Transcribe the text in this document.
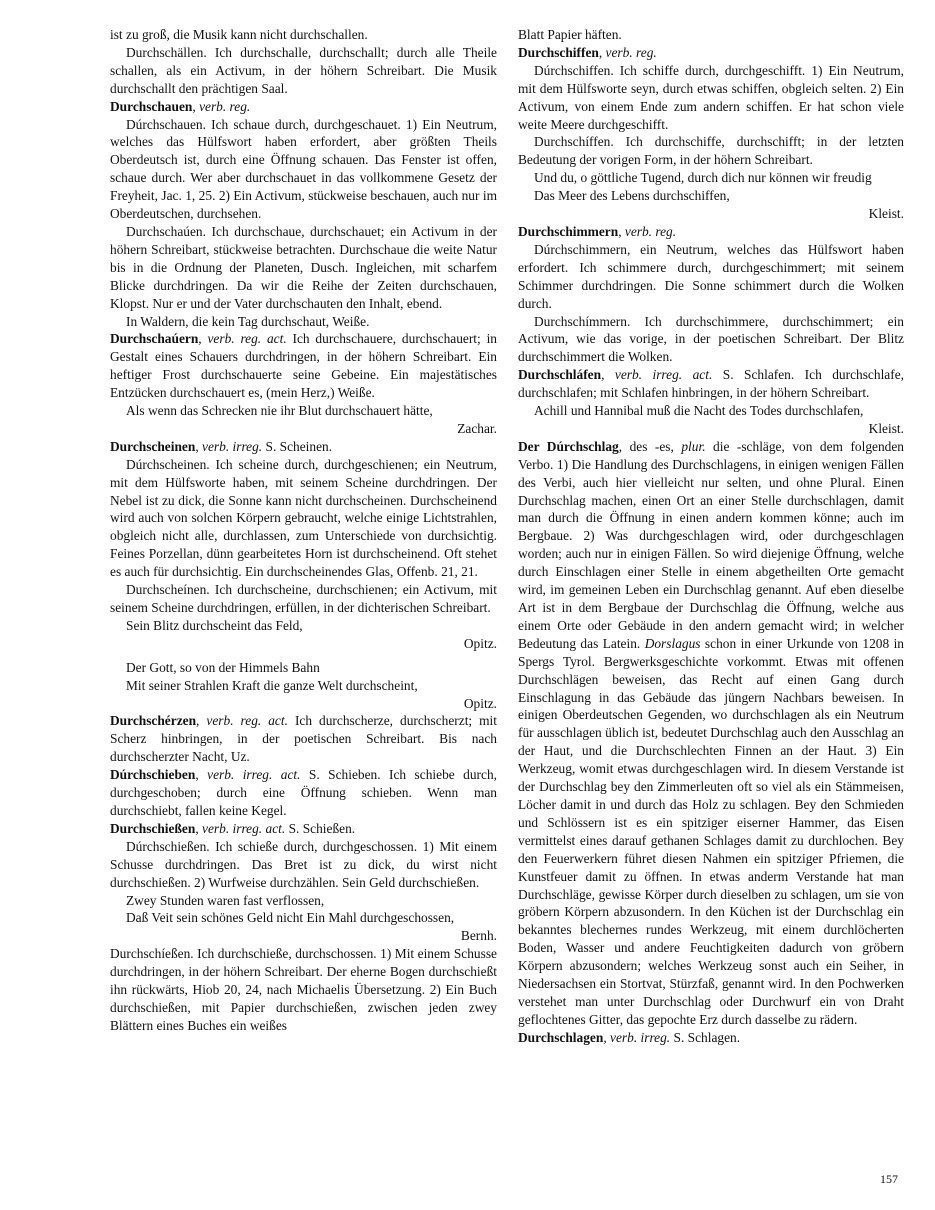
ist zu groß, die Musik kann nicht durchschallen.

Durchschällen. Ich durchschalle, durchschallt; durch alle Theile schallen, als ein Activum, in der höhern Schreibart. Die Musik durchschallt den prächtigen Saal.

Durchschauen, verb. reg.

Dúrchschauen. Ich schaue durch, durchgeschauet. 1) Ein Neutrum, welches das Hülfswort haben erfordert, aber größten Theils Oberdeutsch ist, durch eine Öffnung schauen. Das Fenster ist offen, schaue durch. Wer aber durchschauet in das vollkommene Gesetz der Freyheit, Jac. 1, 25. 2) Ein Activum, stückweise beschauen, auch nur im Oberdeutschen, durchsehen.

Durchschaúen. Ich durchschaue, durchschauet; ein Activum in der höhern Schreibart, stückweise betrachten. Durchschaue die weite Natur bis in die Ordnung der Planeten, Dusch. Ingleichen, mit scharfem Blicke durchdringen. Da wir die Reihe der Zeiten durchschauen, Klopst. Nur er und der Vater durchschauten den Inhalt, ebend.

In Waldern, die kein Tag durchschaut, Weiße.

Durchschaúern, verb. reg. act. Ich durchschauere, durchschauert; in Gestalt eines Schauers durchdringen, in der höhern Schreibart. Ein heftiger Frost durchschauerte seine Gebeine. Ein majestätisches Entzücken durchschauert es, (mein Herz,) Weiße.

Als wenn das Schrecken nie ihr Blut durchschauert hätte,

Zachar.

Durchscheinen, verb. irreg. S. Scheinen.

Dúrchscheinen. Ich scheine durch, durchgeschienen; ein Neutrum, mit dem Hülfsworte haben, mit seinem Scheine durchdringen. Der Nebel ist zu dick, die Sonne kann nicht durchscheinen. Durchscheinend wird auch von solchen Körpern gebraucht, welche einige Lichtstrahlen, obgleich nicht alle, durchlassen, zum Unterschiede von durchsichtig. Feines Porzellan, dünn gearbeitetes Horn ist durchscheinend. Oft stehet es auch für durchsichtig. Ein durchscheinendes Glas, Offenb. 21, 21.

Durchscheínen. Ich durchscheine, durchschienen; ein Activum, mit seinem Scheine durchdringen, erfüllen, in der dichterischen Schreibart.

Sein Blitz durchscheint das Feld,

Opitz.

Der Gott, so von der Himmels Bahn

Mit seiner Strahlen Kraft die ganze Welt durchscheint,

Opitz.

Durchschérzen, verb. reg. act. Ich durchscherze, durchscherzt; mit Scherz hinbringen, in der poetischen Schreibart. Bis nach durchscherzter Nacht, Uz.

Dúrchschieben, verb. irreg. act. S. Schieben. Ich schiebe durch, durchgeschoben; durch eine Öffnung schieben. Wenn man durchschiebt, fallen keine Kegel.

Durchschießen, verb. irreg. act. S. Schießen.

Dúrchschießen. Ich schieße durch, durchgeschossen. 1) Mit einem Schusse durchdringen. Das Bret ist zu dick, du wirst nicht durchschießen. 2) Wurfweise durchzählen. Sein Geld durchschießen.

Zwey Stunden waren fast verflossen,

Daß Veit sein schönes Geld nicht Ein Mahl durchgeschossen,

Bernh.

Durchschíeßen. Ich durchschieße, durchschossen. 1) Mit einem Schusse durchdringen, in der höhern Schreibart. Der eherne Bogen durchschießt ihn rückwärts, Hiob 20, 24, nach Michaelis Übersetzung. 2) Ein Buch durchschießen, mit Papier durchschießen, zwischen jeden zwey Blättern eines Buches ein weißes

Blatt Papier häften.

Durchschiffen, verb. reg.

Dúrchschiffen. Ich schiffe durch, durchgeschifft. 1) Ein Neutrum, mit dem Hülfsworte seyn, durch etwas schiffen, obgleich selten. 2) Ein Activum, von einem Ende zum andern schiffen. Er hat schon viele weite Meere durchgeschifft.

Durchschíffen. Ich durchschiffe, durchschifft; in der letzten Bedeutung der vorigen Form, in der höhern Schreibart.

Und du, o göttliche Tugend, durch dich nur können wir freudig

Das Meer des Lebens durchschiffen,

Kleist.

Durchschimmern, verb. reg.

Dúrchschimmern, ein Neutrum, welches das Hülfswort haben erfordert. Ich schimmere durch, durchgeschimmert; mit seinem Schimmer durchdringen. Die Sonne schimmert durch die Wolken durch.

Durchschímmern. Ich durchschimmere, durchschimmert; ein Activum, wie das vorige, in der poetischen Schreibart. Der Blitz durchschimmert die Wolken.

Durchschláfen, verb. irreg. act. S. Schlafen. Ich durchschlafe, durchschlafen; mit Schlafen hinbringen, in der höhern Schreibart.

Achill und Hannibal muß die Nacht des Todes durchschlafen,

Kleist.

Der Dúrchschlag, des -es, plur. die -schläge, von dem folgenden Verbo. 1) Die Handlung des Durchschlagens, in einigen wenigen Fällen des Verbi, auch hier vielleicht nur selten, und ohne Plural. Einen Durchschlag machen, einen Ort an einer Stelle durchschlagen, damit man durch die Öffnung in einen andern kommen könne; auch im Bergbaue. 2) Was durchgeschlagen wird, oder durchgeschlagen worden; auch nur in einigen Fällen. So wird diejenige Öffnung, welche durch Einschlagen einer Stelle in einem abgetheilten Orte gemacht wird, im gemeinen Leben ein Durchschlag genannt. Auf eben dieselbe Art ist in dem Bergbaue der Durchschlag die Öffnung, welche aus einem Orte oder Gebäude in den andern gemacht wird; in welcher Bedeutung das Latein. Dorslagus schon in einer Urkunde von 1208 in Spergs Tyrol. Bergwerksgeschichte vorkommt. Etwas mit offenen Durchschlägen beweisen, das Recht auf einen Gang durch Einschlagung in das Gebäude das jüngern Nachbars beweisen. In einigen Oberdeutschen Gegenden, wo durchschlagen als ein Neutrum für ausschlagen üblich ist, bedeutet Durchschlag auch den Ausschlag an der Haut, und die Durchschlechten Finnen an der Haut. 3) Ein Werkzeug, womit etwas durchgeschlagen wird. In diesem Verstande ist der Durchschlag bey den Zimmerleuten oft so viel als ein Stämmeisen, Löcher damit in und durch das Holz zu schlagen. Bey den Schmieden und Schlössern ist es ein spitziger eiserner Hammer, das Eisen vermittelst eines darauf gethanen Schlages damit zu durchlochen. Bey den Feuerwerkern führet diesen Nahmen ein spitziger Pfriemen, die Kunstfeuer damit zu öffnen. In etwas anderm Verstande hat man Durchschläge, gewisse Körper durch dieselben zu schlagen, um sie von gröbern Körpern abzusondern. In den Küchen ist der Durchschlag ein bekanntes blechernes rundes Werkzeug, mit einem durchlöcherten Boden, Wasser und andere Feuchtigkeiten dadurch von gröbern Körpern abzusondern; welches Werkzeug sonst auch ein Seiher, in Niedersachsen ein Stortvat, Stürzfaß, genannt wird. In den Pochwerken verstehet man unter Durchschlag oder Durchwurf ein von Draht geflochtenes Gitter, das gepochte Erz durch dasselbe zu rädern.

Durchschlagen, verb. irreg. S. Schlagen.

157
